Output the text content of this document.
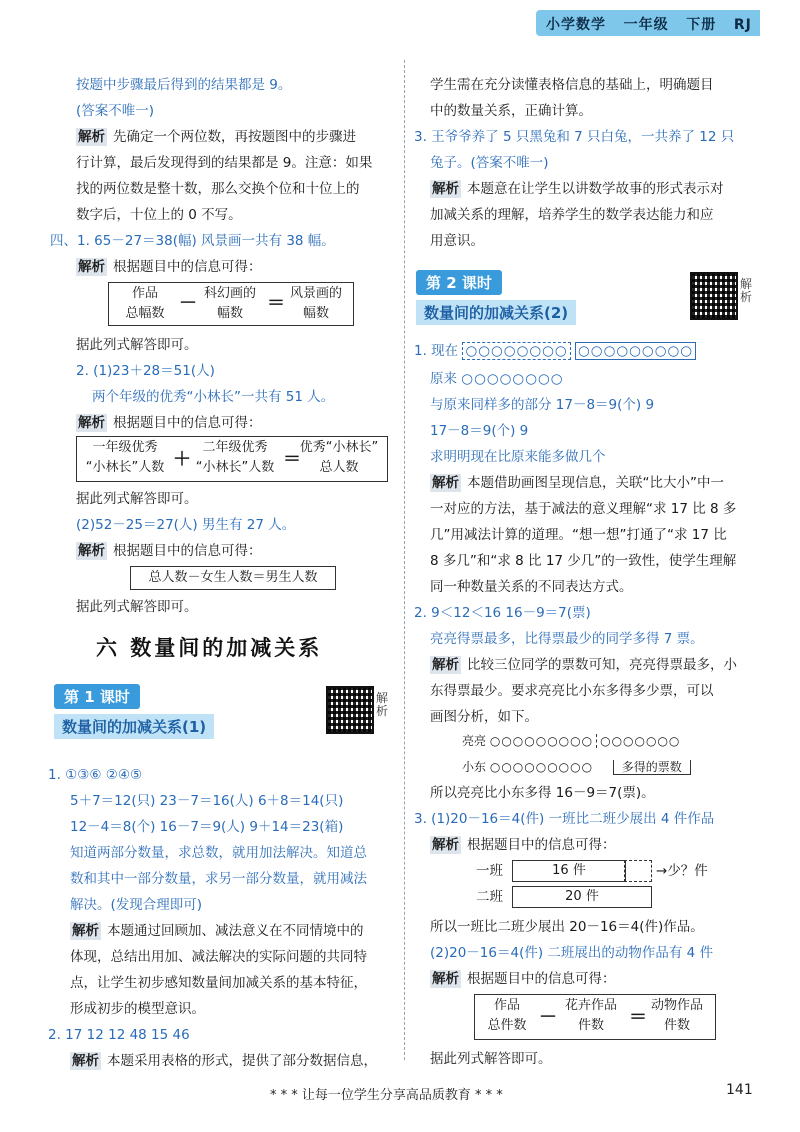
小学数学 一年级 下册 RJ
按题中步骤最后得到的结果都是 9。
(答案不唯一)
解析 先确定一个两位数，再按题图中的步骤进
行计算，最后发现得到的结果都是 9。注意：如果
找的两位数是整十数，那么交换个位和十位上的
数字后，十位上的 0 不写。
四、1. 65－27＝38(幅) 风景画一共有 38 幅。
解析 根据题目中的信息可得：
作品
总幅数 － 科幻画的
幅数	＝ 风景画的
幅数
据此列式解答即可。
2. (1)23＋28＝51(人)
两个年级的优秀“小林长”一共有 51 人。
解析 根据题目中的信息可得：
一年级优秀
“小林长”人数 ＋
二年级优秀
“小林长”人数 ＝
优秀“小林长”
总人数
据此列式解答即可。
(2)52－25＝27(人) 男生有 27 人。
解析 根据题目中的信息可得：
总人数－女生人数＝男生人数
据此列式解答即可。
六 数量间的加减关系
第 1 课时
数量间的加减关系(1)
解析
1. ①③⑥ ②④⑤
5＋7＝12(只) 23－7＝16(人) 6＋8＝14(只)
12－4＝8(个) 16－7＝9(人) 9＋14＝23(箱)
知道两部分数量，求总数，就用加法解决。知道总
数和其中一部分数量，求另一部分数量，就用减法
解决。(发现合理即可)
解析 本题通过回顾加、减法意义在不同情境中的
体现，总结出用加、减法解决的实际问题的共同特
点，让学生初步感知数量间加减关系的基本特征，
形成初步的模型意识。
2. 17 12 12 48 15 46
解析 本题采用表格的形式，提供了部分数据信息，
学生需在充分读懂表格信息的基础上，明确题目
中的数量关系，正确计算。
3. 王爷爷养了 5 只黑兔和 7 只白兔，一共养了 12 只
兔子。(答案不唯一)
解析 本题意在让学生以讲数学故事的形式表示对
加减关系的理解，培养学生的数学表达能力和应
用意识。
第 2 课时
数量间的加减关系(2)
解析
1. 现在 ○○○○○○○○ ○○○○○○○○○
原来 ○○○○○○○○
与原来同样多的部分 17－8＝9(个) 9
17－8＝9(个) 9
求明明现在比原来能多做几个
解析 本题借助画图呈现信息，关联“比大小”中一
一对应的方法，基于减法的意义理解“求 17 比 8 多
几”用减法计算的道理。“想一想”打通了“求 17 比
8 多几”和“求 8 比 17 少几”的一致性，使学生理解
同一种数量关系的不同表达方式。
2. 9＜12＜16 16－9＝7(票)
亮亮得票最多，比得票最少的同学多得 7 票。
解析 比较三位同学的票数可知，亮亮得票最多，小
东得票最少。要求亮亮比小东多得多少票，可以
画图分析，如下。
亮亮 ○○○○○○○○○ ○○○○○○○
小东 ○○○○○○○○○ 多得的票数
所以亮亮比小东多得 16－9＝7(票)。
3. (1)20－16＝4(件) 一班比二班少展出 4 件作品
解析 根据题目中的信息可得：
一班	16 件	→少？件
二班	20 件
所以一班比二班少展出 20－16＝4(件)作品。
(2)20－16＝4(件) 二班展出的动物作品有 4 件
解析 根据题目中的信息可得：
作品
总件数 －
花卉作品
件数	＝
动物作品
件数
据此列式解答即可。
* * * 让每一位学生分享高品质教育 * * *	141
